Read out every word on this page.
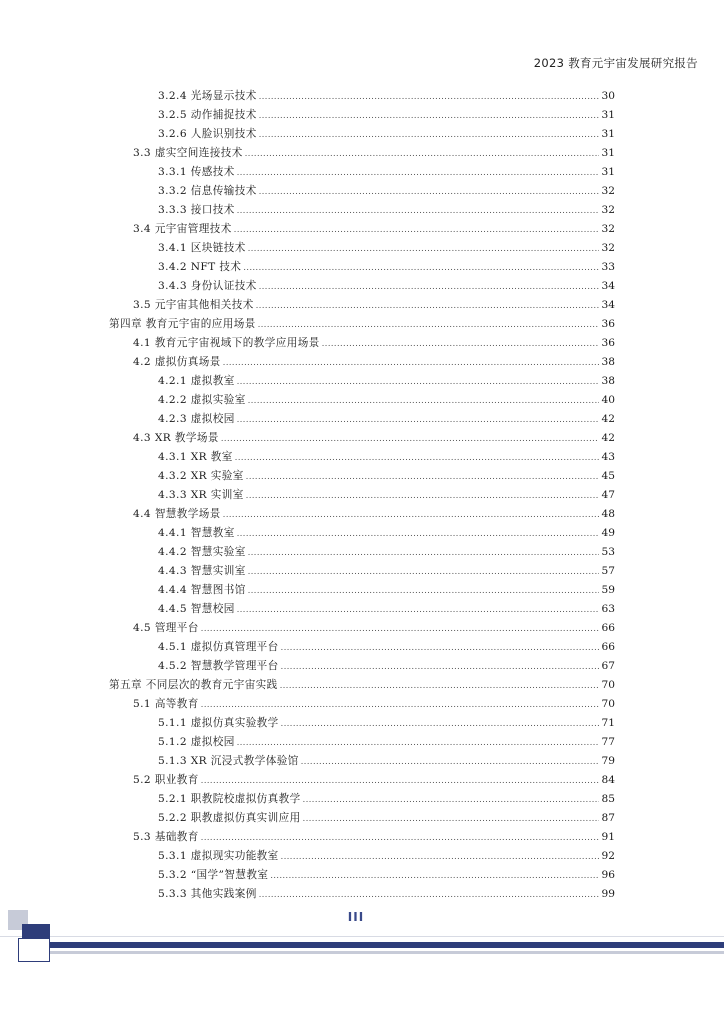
2023 教育元宇宙发展研究报告
3.2.4 光场显示技术 .....	30
3.2.5 动作捕捉技术 .....	31
3.2.6 人脸识别技术 .....	31
3.3 虚实空间连接技术 .....	31
3.3.1 传感技术 .....	31
3.3.2 信息传输技术 .....	32
3.3.3 接口技术 .....	32
3.4 元宇宙管理技术 .....	32
3.4.1 区块链技术 .....	32
3.4.2 NFT 技术 .....	33
3.4.3 身份认证技术 .....	34
3.5 元宇宙其他相关技术 .....	34
第四章 教育元宇宙的应用场景 .....	36
4.1 教育元宇宙视域下的教学应用场景 .....	36
4.2 虚拟仿真场景 .....	38
4.2.1 虚拟教室 .....	38
4.2.2 虚拟实验室 .....	40
4.2.3 虚拟校园 .....	42
4.3 XR 教学场景 .....	42
4.3.1 XR 教室 .....	43
4.3.2 XR 实验室 .....	45
4.3.3 XR 实训室 .....	47
4.4 智慧教学场景 .....	48
4.4.1 智慧教室 .....	49
4.4.2 智慧实验室 .....	53
4.4.3 智慧实训室 .....	57
4.4.4 智慧图书馆 .....	59
4.4.5 智慧校园 .....	63
4.5 管理平台 .....	66
4.5.1 虚拟仿真管理平台 .....	66
4.5.2 智慧教学管理平台 .....	67
第五章 不同层次的教育元宇宙实践 .....	70
5.1 高等教育 .....	70
5.1.1 虚拟仿真实验教学 .....	71
5.1.2 虚拟校园 .....	77
5.1.3 XR 沉浸式教学体验馆 .....	79
5.2 职业教育 .....	84
5.2.1 职教院校虚拟仿真教学 .....	85
5.2.2 职教虚拟仿真实训应用 .....	87
5.3 基础教育 .....	91
5.3.1 虚拟现实功能教室 .....	92
5.3.2 “国学”智慧教室 .....	96
5.3.3 其他实践案例 .....	99
III
